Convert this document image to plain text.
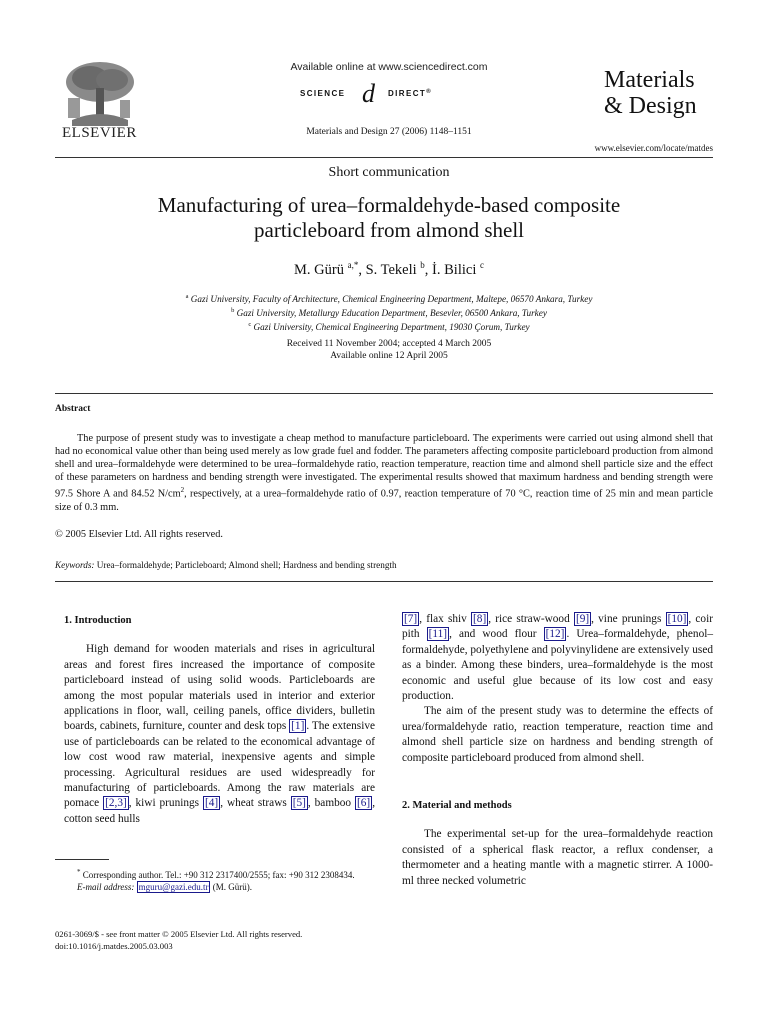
ELSEVIER
Available online at www.sciencedirect.com
SCIENCE d DIRECT®
Materials and Design 27 (2006) 1148–1151
Materials
& Design
www.elsevier.com/locate/matdes
Short communication
Manufacturing of urea–formaldehyde-based composite
particleboard from almond shell
M. Gürü $^{a,*}$, S. Tekeli $^b$, İ. Bilici $^c$
$^a$ Gazi University, Faculty of Architecture, Chemical Engineering Department, Maltepe, 06570 Ankara, Turkey
$^b$ Gazi University, Metallurgy Education Department, Besevler, 06500 Ankara, Turkey
$^c$ Gazi University, Chemical Engineering Department, 19030 Çorum, Turkey
Received 11 November 2004; accepted 4 March 2005
Available online 12 April 2005
Abstract
The purpose of present study was to investigate a cheap method to manufacture particleboard. The experiments were carried out using almond shell that had no economical value other than being used merely as low grade fuel and fodder. The parameters affecting composite particleboard production from almond shell and urea–formaldehyde were determined to be urea–formaldehyde ratio, reaction temperature, reaction time and almond shell particle size and the effect of these parameters on hardness and bending strength were investigated. The experimental results showed that maximum hardness and bending strength were 97.5 Shore A and 84.52 $N/cm^2$, respectively, at a urea–formaldehyde ratio of 0.97, reaction temperature of 70 °C, reaction time of 25 min and mean particle size of 0.3 mm.
© 2005 Elsevier Ltd. All rights reserved.
Keywords: Urea–formaldehyde; Particleboard; Almond shell; Hardness and bending strength
1. Introduction

High demand for wooden materials and rises in agricultural areas and forest fires increased the importance of composite particleboard instead of using solid woods. Particleboards are among the most popular materials used in interior and exterior applications in floor, wall, ceiling panels, office dividers, bulletin boards, cabinets, furniture, counter and desk tops [1] . The extensive use of particleboards can be related to the economical advantage of low cost wood raw material, inexpensive agents and simple processing. Agricultural residues are used widespreadly for manufacturing of particleboards. Among the raw materials are pomace [2,3] , kiwi prunings [4] , wheat straws [5] , bamboo [6] , cotton seed hulls

[7] , flax shiv [8] , rice straw-wood [9] , vine prunings [10] , coir pith [11] , and wood flour [12] . Urea–formaldehyde, phenol–formaldehyde, polyethylene and polyvinylidene are extensively used as a binder. Among these binders, urea–formaldehyde is the most economic and useful glue because of its low cost and easy production.

The aim of the present study was to determine the effects of urea/formaldehyde ratio, reaction temperature, reaction time and almond shell particle size on hardness and bending strength of composite particleboard produced from almond shell.

2. Material and methods

The experimental set-up for the urea–formaldehyde reaction consisted of a spherical flask reactor, a reflux condenser, a thermometer and a heating mantle with a magnetic stirrer. A 1000-ml three necked volumetric

* Corresponding author. Tel.: +90 312 2317400/2555; fax: +90 312 2308434.
E-mail address: mguru@gazi.edu.tr (M. Gürü).
0261-3069/$ - see front matter © 2005 Elsevier Ltd. All rights reserved.
doi:10.1016/j.matdes.2005.03.003
